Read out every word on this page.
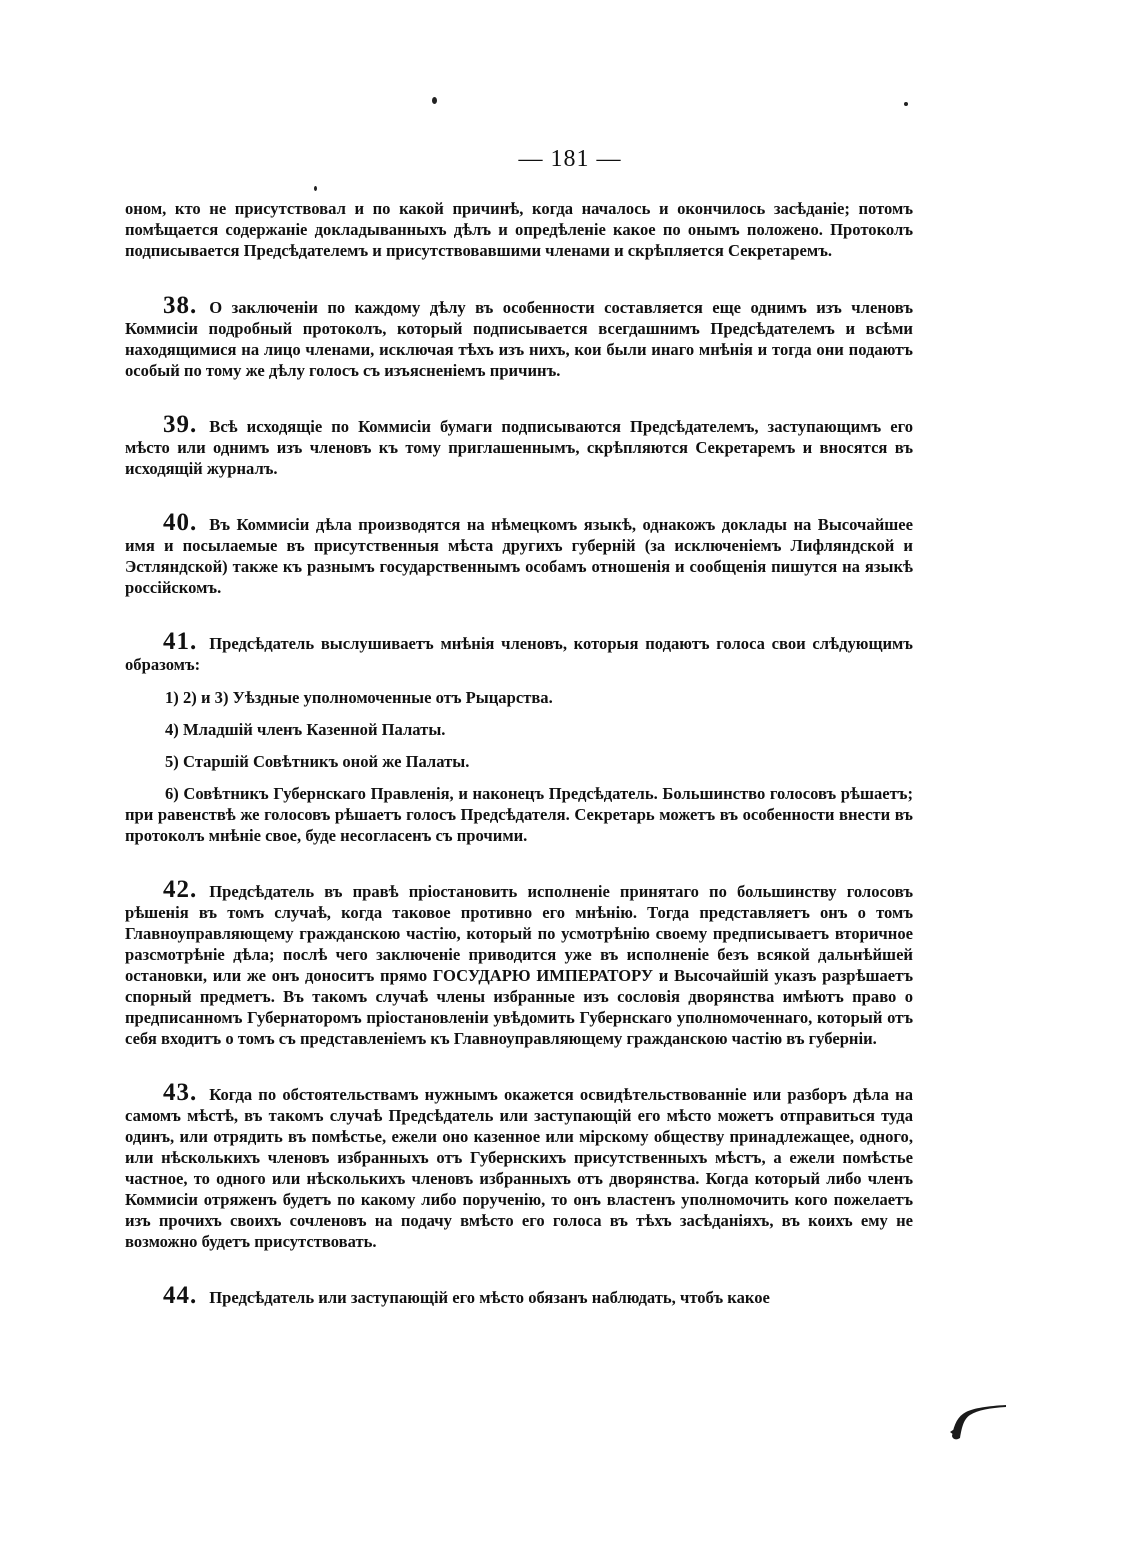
— 181 —

оном, кто не присутствовал и по какой причинѣ, когда началось и окончилось засѣданіе; потомъ помѣщается содержаніе докладыванныхъ дѣлъ и опредѣленіе какое по онымъ положено. Протоколъ подписывается Предсѣдателемъ и присутствовавшими членами и скрѣпляется Секретаремъ.

38. О заключеніи по каждому дѣлу въ особенности составляется еще однимъ изъ членовъ Коммисіи подробный протоколъ, который подписывается всегдашнимъ Предсѣдателемъ и всѣми находящимися на лицо членами, исключая тѣхъ изъ нихъ, кои были инаго мнѣнія и тогда они подаютъ особый по тому же дѣлу голосъ съ изъясненіемъ причинъ.

39. Всѣ исходящіе по Коммисіи бумаги подписываются Предсѣдателемъ, заступающимъ его мѣсто или однимъ изъ членовъ къ тому приглашеннымъ, скрѣпляются Секретаремъ и вносятся въ исходящій журналъ.

40. Въ Коммисіи дѣла производятся на нѣмецкомъ языкѣ, однакожъ доклады на Высочайшее имя и посылаемые въ присутственныя мѣста другихъ губерній (за исключеніемъ Лифляндской и Эстляндской) также къ разнымъ государственнымъ особамъ отношенія и сообщенія пишутся на языкѣ россійскомъ.

41. Предсѣдатель выслушиваетъ мнѣнія членовъ, которыя подаютъ голоса свои слѣдующимъ образомъ:

1) 2) и 3) Уѣздные уполномоченные отъ Рыцарства.

4) Младшій членъ Казенной Палаты.

5) Старшій Совѣтникъ оной же Палаты.

6) Совѣтникъ Губернскаго Правленія, и наконецъ Предсѣдатель. Большинство голосовъ рѣшаетъ; при равенствѣ же голосовъ рѣшаетъ голосъ Предсѣдателя. Секретарь можетъ въ особенности внести въ протоколъ мнѣніе свое, буде несогласенъ съ прочими.

42. Предсѣдатель въ правѣ пріостановить исполненіе принятаго по большинству голосовъ рѣшенія въ томъ случаѣ, когда таковое противно его мнѣнію. Тогда представляетъ онъ о томъ Главноуправляющему гражданскою частію, который по усмотрѣнію своему предписываетъ вторичное разсмотрѣніе дѣла; послѣ чего заключеніе приводится уже въ исполненіе безъ всякой дальнѣйшей остановки, или же онъ доноситъ прямо ГОСУДАРЮ ИМПЕРАТОРУ и Высочайшій указъ разрѣшаетъ спорный предметъ. Въ такомъ случаѣ члены избранные изъ сословія дворянства имѣютъ право о предписанномъ Губернаторомъ пріостановленіи увѣдомить Губернскаго уполномоченнаго, который отъ себя входитъ о томъ съ представленіемъ къ Главноуправляющему гражданскою частію въ губерніи.

43. Когда по обстоятельствамъ нужнымъ окажется освидѣтельствованніе или разборъ дѣла на самомъ мѣстѣ, въ такомъ случаѣ Предсѣдатель или заступающій его мѣсто можетъ отправиться туда одинъ, или отрядить въ помѣстье, ежели оно казенное или мірскому обществу принадлежащее, одного, или нѣсколькихъ членовъ избранныхъ отъ Губернскихъ присутственныхъ мѣстъ, а ежели помѣстье частное, то одного или нѣсколькихъ членовъ избранныхъ отъ дворянства. Когда который либо членъ Коммисіи отряженъ будетъ по какому либо порученію, то онъ властенъ уполномочить кого пожелаетъ изъ прочихъ своихъ сочленовъ на подачу вмѣсто его голоса въ тѣхъ засѣданіяхъ, въ коихъ ему не возможно будетъ присутствовать.

44. Предсѣдатель или заступающій его мѣсто обязанъ наблюдать, чтобъ какое
